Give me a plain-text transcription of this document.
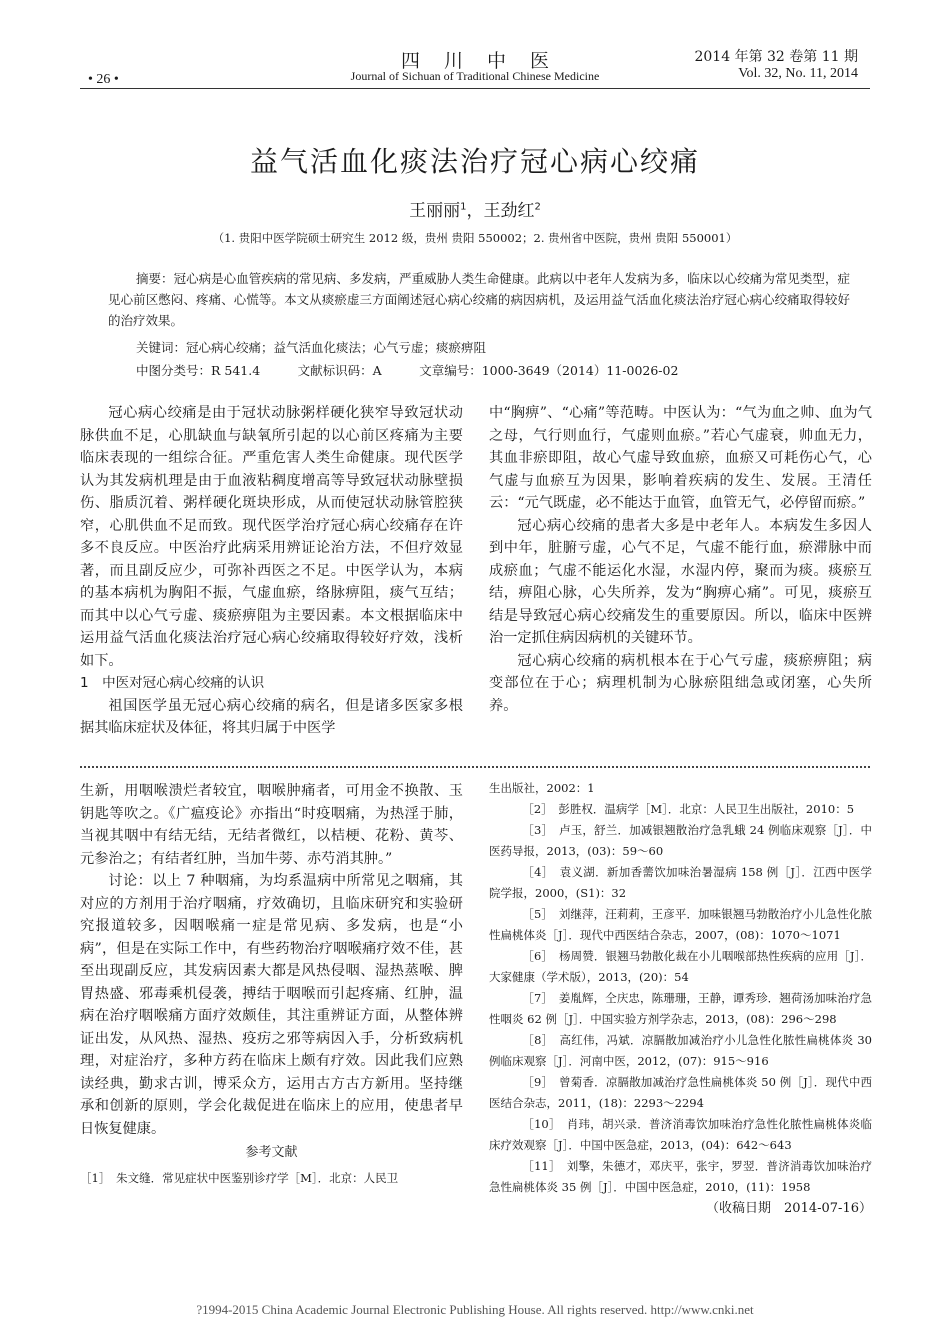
四川中医
Journal of Sichuan of Traditional Chinese Medicine
• 26 •
2014 年第 32 卷第 11 期
Vol. 32, No. 11, 2014
益气活血化痰法治疗冠心病心绞痛
王丽丽$^1$，王劲红$^2$
（1. 贵阳中医学院硕士研究生 2012 级，贵州 贵阳 550002；2. 贵州省中医院，贵州 贵阳 550001）

摘要：冠心病是心血管疾病的常见病、多发病，严重威胁人类生命健康。此病以中老年人发病为多，临床以心绞痛为常见类型，症见心前区憋闷、疼痛、心慌等。本文从痰瘀虚三方面阐述冠心病心绞痛的病因病机，及运用益气活血化痰法治疗冠心病心绞痛取得较好的治疗效果。

关键词：冠心病心绞痛；益气活血化痰法；心气亏虚；痰瘀痹阻
中图分类号：R 541.4　　　文献标识码：A　　　文章编号：1000-3649（2014）11-0026-02

冠心病心绞痛是由于冠状动脉粥样硬化狭窄导致冠状动脉供血不足，心肌缺血与缺氧所引起的以心前区疼痛为主要临床表现的一组综合征。严重危害人类生命健康。现代医学认为其发病机理是由于血液粘稠度增高等导致冠状动脉壁损伤、脂质沉着、粥样硬化斑块形成，从而使冠状动脉管腔狭窄，心肌供血不足而致。现代医学治疗冠心病心绞痛存在许多不良反应。中医治疗此病采用辨证论治方法，不但疗效显著，而且副反应少，可弥补西医之不足。中医学认为，本病的基本病机为胸阳不振，气虚血瘀，络脉痹阻，痰气互结；而其中以心气亏虚、痰瘀痹阻为主要因素。本文根据临床中运用益气活血化痰法治疗冠心病心绞痛取得较好疗效，浅析如下。

1　中医对冠心病心绞痛的认识

祖国医学虽无冠心病心绞痛的病名，但是诸多医家多根据其临床症状及体征，将其归属于中医学

中“胸痹”、“心痛”等范畴。中医认为：“气为血之帅、血为气之母，气行则血行，气虚则血瘀。”若心气虚衰，帅血无力，其血非瘀即阻，故心气虚导致血瘀，血瘀又可耗伤心气，心气虚与血瘀互为因果，影响着疾病的发生、发展。王清任云：“元气既虚，必不能达于血管，血管无气，必停留而瘀。”

冠心病心绞痛的患者大多是中老年人。本病发生多因人到中年，脏腑亏虚，心气不足，气虚不能行血，瘀滞脉中而成瘀血；气虚不能运化水湿，水湿内停，聚而为痰。痰瘀互结，痹阻心脉，心失所养，发为“胸痹心痛”。可见，痰瘀互结是导致冠心病心绞痛发生的重要原因。所以，临床中医辨治一定抓住病因病机的关键环节。

冠心病心绞痛的病机根本在于心气亏虚，痰瘀痹阻；病变部位在于心；病理机制为心脉瘀阻绌急或闭塞，心失所养。

生新，用咽喉溃烂者较宜，咽喉肿痛者，可用金不换散、玉钥匙等吹之。《广瘟疫论》亦指出“时疫咽痛，为热淫于肺，当视其咽中有结无结，无结者微红，以桔梗、花粉、黄芩、元参治之；有结者红肿，当加牛蒡、赤芍消其肿。”

讨论：以上 7 种咽痛，为均系温病中所常见之咽痛，其对应的方剂用于治疗咽痛，疗效确切，且临床研究和实验研究报道较多，因咽喉痛一症是常见病、多发病，也是“小病”，但是在实际工作中，有些药物治疗咽喉痛疗效不佳，甚至出现副反应，其发病因素大都是风热侵咽、湿热蒸喉、脾胃热盛、邪毒乘机侵袭，搏结于咽喉而引起疼痛、红肿，温病在治疗咽喉痛方面疗效颇佳，其注重辨证方面，从整体辨证出发，从风热、湿热、疫疠之邪等病因入手，分析致病机理，对症治疗，多种方药在临床上颇有疗效。因此我们应熟读经典，勤求古训，博采众方，运用古方古方新用。坚持继承和创新的原则，学会化裁促进在临床上的应用，使患者早日恢复健康。

参考文献

［1］　朱文缝．常见症状中医鉴别诊疗学［M］．北京：人民卫

生出版社，2002：1

［2］　彭胜权．温病学［M］．北京：人民卫生出版社，2010：5

［3］　卢玉，舒兰．加减银翘散治疗急乳蛾 24 例临床观察［J］．中医药导报，2013，(03)：59～60

［4］　袁义湖．新加香薷饮加味治暑湿病 158 例［J］．江西中医学院学报，2000，(S1)：32

［5］　刘继萍，汪莉莉，王彦平．加味银翘马勃散治疗小儿急性化脓性扁桃体炎［J］．现代中西医结合杂志，2007，(08)：1070～1071

［6］　杨周赞．银翘马勃散化裁在小儿咽喉部热性疾病的应用［J］．大家健康（学术版），2013，(20)：54

［7］　姜胤辉，仝庆忠，陈珊珊，王静，谭秀珍．翘荷汤加味治疗急性咽炎 62 例［J］．中国实验方剂学杂志，2013，(08)：296～298

［8］　高红伟，冯斌．凉膈散加减治疗小儿急性化脓性扁桃体炎 30 例临床观察［J］．河南中医，2012，(07)：915～916

［9］　曾菊香．凉膈散加减治疗急性扁桃体炎 50 例［J］．现代中西医结合杂志，2011，(18)：2293～2294

［10］　肖玮，胡兴录．普济消毒饮加味治疗急性化脓性扁桃体炎临床疗效观察［J］．中国中医急症，2013，(04)：642～643

［11］　刘擎，朱德才，邓庆平，张宇，罗翌．普济消毒饮加味治疗急性扁桃体炎 35 例［J］．中国中医急症，2010，(11)：1958

（收稿日期　2014-07-16）

?1994-2015 China Academic Journal Electronic Publishing House. All rights reserved. http://www.cnki.net
